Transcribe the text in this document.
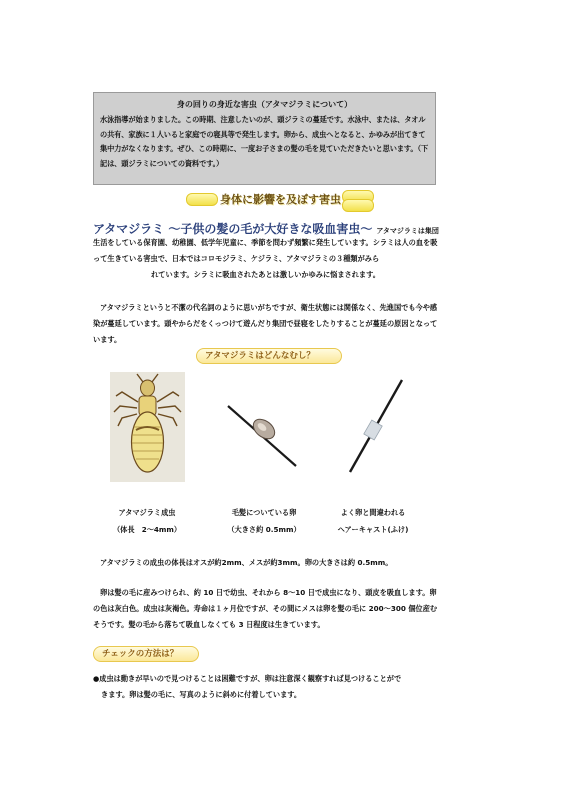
身の回りの身近な害虫（アタマジラミについて）
水泳指導が始まりました。この時期、注意したいのが、頭ジラミの蔓延です。水泳中、または、タオルの共有、家族に１人いると家庭での寝具等で発生します。卵から、成虫へとなると、かゆみが出てきて集中力がなくなります。ぜひ、この時期に、一度お子さまの髪の毛を見ていただきたいと思います。（下記は、頭ジラミについての資料です。）
身体に影響を及ぼす害虫
アタマジラミ ～子供の髪の毛が大好きな吸血害虫～ アタマジラミは集団
生活をしている保育園、幼稚園、低学年児童に、季節を問わず頻繁に発生しています。シラミは人の血を吸って生きている害虫で、日本ではコロモジラミ、ケジラミ、アタマジラミの３種類がみら
れています。シラミに吸血されたあとは激しいかゆみに悩まされます。
アタマジラミというと不潔の代名詞のように思いがちですが、衛生状態には関係なく、先進国でも今や感染が蔓延しています。頭やからだをくっつけて遊んだり集団で昼寝をしたりすることが蔓延の原因となっています。
アタマジラミはどんなむし？
アタマジラミ成虫
（体長　2～4mm）
毛髪についている卵
（大きさ約 0.5mm）
よく卵と間違われる
ヘアーキャスト(ふけ)
アタマジラミの成虫の体長はオスが約2mm、メスが約3mm。卵の大きさは約 0.5mm。
卵は髪の毛に産みつけられ、約 10 日で幼虫、それから 8～10 日で成虫になり、頭皮を吸血します。卵の色は灰白色。成虫は灰褐色。寿命は１ヶ月位ですが、その間にメスは卵を髪の毛に 200～300 個位産むそうです。髪の毛から落ちて吸血しなくても 3 日程度は生きています。
チェックの方法は？
●成虫は動きが早いので見つけることは困難ですが、卵は注意深く観察すれば見つけることがで
きます。卵は髪の毛に、写真のように斜めに付着しています。
